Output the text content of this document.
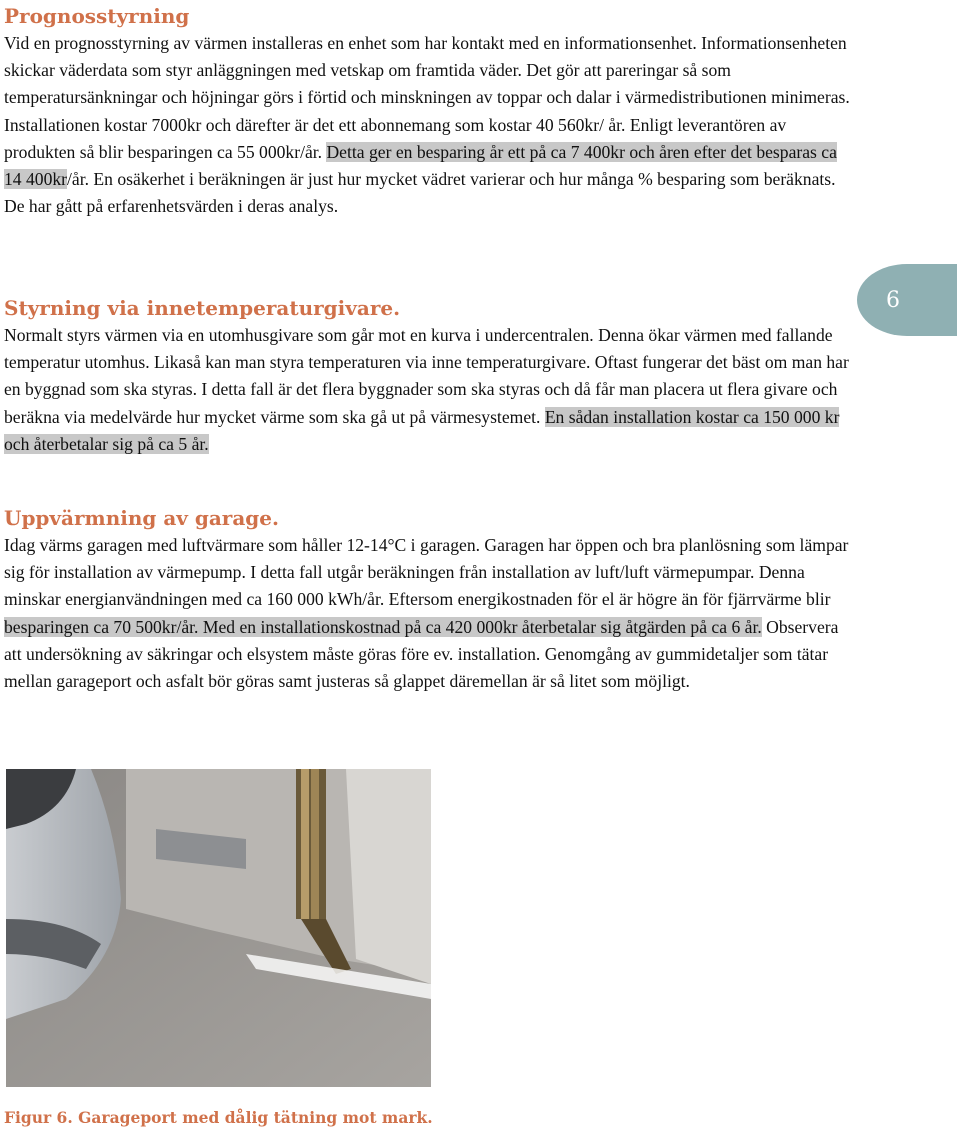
Prognosstyrning

Vid en prognosstyrning av värmen installeras en enhet som har kontakt med en informationsenhet. Informationsenheten skickar väderdata som styr anläggningen med vetskap om framtida väder. Det gör att pareringar så som temperatursänkningar och höjningar görs i förtid och minskningen av toppar och dalar i värmedistributionen minimeras. Installationen kostar 7000kr och därefter är det ett abonnemang som kostar 40 560kr/ år. Enligt leverantören av produkten så blir besparingen ca 55 000kr/år. Detta ger en besparing år ett på ca 7 400kr och åren efter det besparas ca 14 400kr/år. En osäkerhet i beräkningen är just hur mycket vädret varierar och hur många % besparing som beräknats. De har gått på erfarenhetsvärden i deras analys.

Styrning via innetemperaturgivare.

Normalt styrs värmen via en utomhusgivare som går mot en kurva i undercentralen. Denna ökar värmen med fallande temperatur utomhus. Likaså kan man styra temperaturen via inne temperaturgivare. Oftast fungerar det bäst om man har en byggnad som ska styras. I detta fall är det flera byggnader som ska styras och då får man placera ut flera givare och beräkna via medelvärde hur mycket värme som ska gå ut på värmesystemet. En sådan installation kostar ca 150 000 kr och återbetalar sig på ca 5 år.

Uppvärmning av garage.

Idag värms garagen med luftvärmare som håller 12-14°C i garagen. Garagen har öppen och bra planlösning som lämpar sig för installation av värmepump. I detta fall utgår beräkningen från installation av luft/luft värmepumpar. Denna minskar energianvändningen med ca 160 000 kWh/år. Eftersom energikostnaden för el är högre än för fjärrvärme blir besparingen ca 70 500kr/år. Med en installationskostnad på ca 420 000kr återbetalar sig åtgärden på ca 6 år. Observera att undersökning av säkringar och elsystem måste göras före ev. installation. Genomgång av gummidetaljer som tätar mellan garageport och asfalt bör göras samt justeras så glappet däremellan är så litet som möjligt.

6
Figur 6. Garageport med dålig tätning mot mark.
